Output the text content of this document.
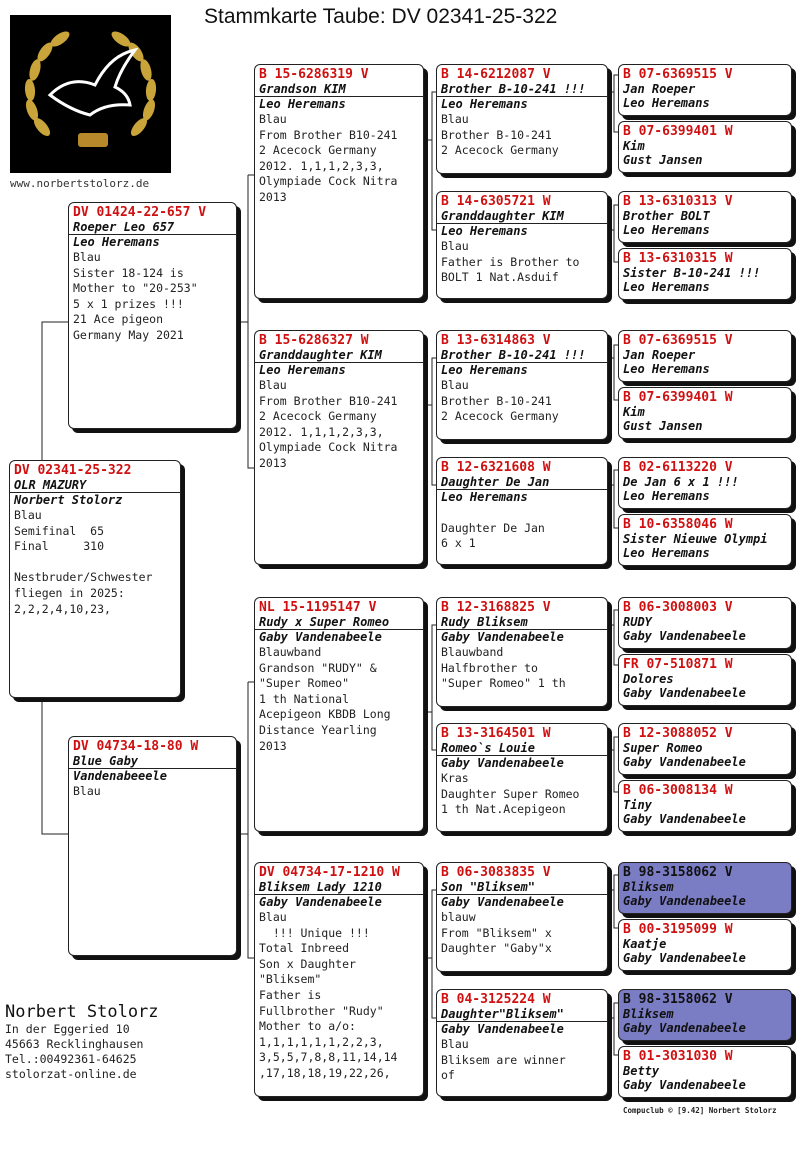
Stammkarte Taube: DV 02341-25-322
www.norbertstolorz.de
DV 02341-25-322
OLR MAZURY
Norbert Stolorz
Blau
Semifinal  65
Final     310

Nestbruder/Schwester
fliegen in 2025:
2,2,2,4,10,23,
DV 01424-22-657 V
Roeper Leo 657
Leo Heremans
Blau
Sister 18-124 is
Mother to "20-253"
5 x 1 prizes !!!
21 Ace pigeon
Germany May 2021
DV 04734-18-80 W
Blue Gaby
Vandenabeeele
Blau
B 15-6286319 V
Grandson KIM
Leo Heremans
Blau
From Brother B10-241
2 Acecock Germany
2012. 1,1,1,2,3,3,
Olympiade Cock Nitra
2013
B 15-6286327 W
Granddaughter KIM
Leo Heremans
Blau
From Brother B10-241
2 Acecock Germany
2012. 1,1,1,2,3,3,
Olympiade Cock Nitra
2013
NL 15-1195147 V
Rudy x Super Romeo
Gaby Vandenabeele
Blauwband
Grandson "RUDY" &
"Super Romeo"
1 th National
Acepigeon KBDB Long
Distance Yearling
2013
DV 04734-17-1210 W
Bliksem Lady 1210
Gaby Vandenabeele
Blau
!!! Unique !!!
Total Inbreed
Son x Daughter
"Bliksem"
Father is
Fullbrother "Rudy"
Mother to a/o:
1,1,1,1,1,1,2,2,3,
3,5,5,7,8,8,11,14,14
,17,18,18,19,22,26,
B 14-6212087 V
Brother B-10-241 !!!
Leo Heremans
Blau
Brother B-10-241
2 Acecock Germany
B 14-6305721 W
Granddaughter KIM
Leo Heremans
Blau
Father is Brother to
BOLT 1 Nat.Asduif
B 13-6314863 V
Brother B-10-241 !!!
Leo Heremans
Blau
Brother B-10-241
2 Acecock Germany
B 12-6321608 W
Daughter De Jan
Leo Heremans

Daughter De Jan
6 x 1
B 12-3168825 V
Rudy Bliksem
Gaby Vandenabeele
Blauwband
Halfbrother to
"Super Romeo" 1 th
B 13-3164501 W
Romeo`s Louie
Gaby Vandenabeele
Kras
Daughter Super Romeo
1 th Nat.Acepigeon
B 06-3083835 V
Son "Bliksem"
Gaby Vandenabeele
blauw
From "Bliksem" x
Daughter "Gaby"x
B 04-3125224 W
Daughter"Bliksem"
Gaby Vandenabeele
Blau
Bliksem are winner
of
B 07-6369515 V
Jan Roeper
Leo Heremans
B 07-6399401 W
Kim
Gust Jansen
B 13-6310313 V
Brother BOLT
Leo Heremans
B 13-6310315 W
Sister B-10-241 !!!
Leo Heremans
B 07-6369515 V
Jan Roeper
Leo Heremans
B 07-6399401 W
Kim
Gust Jansen
B 02-6113220 V
De Jan 6 x 1 !!!
Leo Heremans
B 10-6358046 W
Sister Nieuwe Olympi
Leo Heremans
B 06-3008003 V
RUDY
Gaby Vandenabeele
FR 07-510871 W
Dolores
Gaby Vandenabeele
B 12-3088052 V
Super Romeo
Gaby Vandenabeele
B 06-3008134 W
Tiny
Gaby Vandenabeele
B 98-3158062 V
Bliksem
Gaby Vandenabeele
B 00-3195099 W
Kaatje
Gaby Vandenabeele
B 98-3158062 V
Bliksem
Gaby Vandenabeele
B 01-3031030 W
Betty
Gaby Vandenabeele
Norbert Stolorz
In der Eggeried 10
45663 Recklinghausen
Tel.:00492361-64625
stolorzat-online.de
Compuclub © [9.42] Norbert Stolorz
